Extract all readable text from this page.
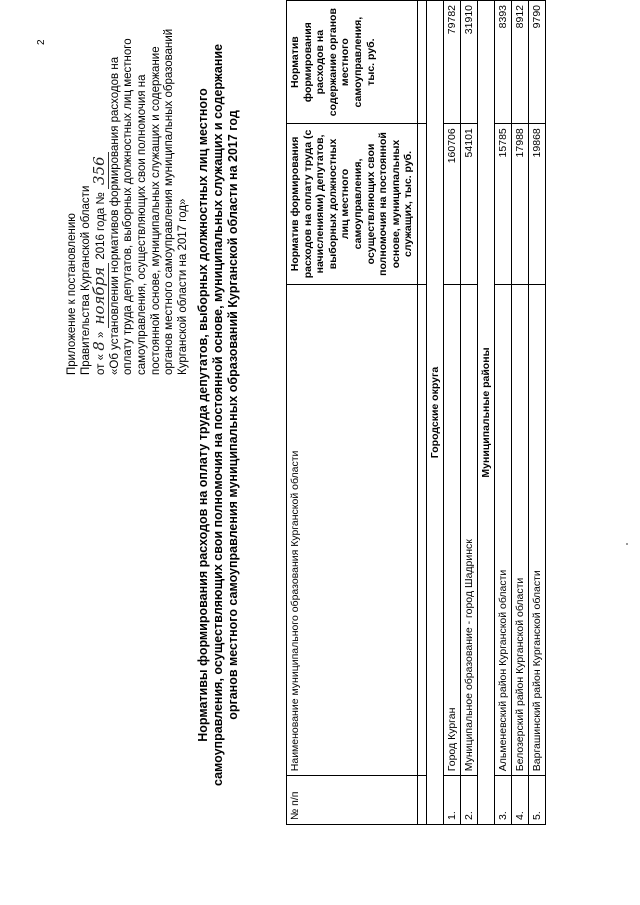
2
Приложение к постановлению Правительства Курганской области от « 8 » ноября 2016 года № 356 «Об установлении нормативов формирования расходов на оплату труда депутатов, выборных должностных лиц местного самоуправления, осуществляющих свои полномочия на постоянной основе, муниципальных служащих и содержание органов местного самоуправления муниципальных образований Курганской области на 2017 год» Нормативы формирования расходов на оплату труда депутатов, выборных должностных лиц местного самоуправления, осуществляющих свои полномочия на постоянной основе, муниципальных служащих и содержание органов местного самоуправления муниципальных образований Курганской области на 2017 год
№ п/п	Наименование муниципального образования Курганской области	Норматив формирования расходов на оплату труда (с начислениями) депутатов, выборных должностных лиц местного самоуправления, осуществляющих свои полномочия на постоянной основе, муниципальных служащих, тыс. руб.	Норматив формирования расходов на содержание органов местного самоуправления, тыс. руб.

Городские округа			
1.	Город Курган	160706	79782
2.	Муниципальное образование - город Шадринск	54101	31910
Муниципальные районы			
3.	Альменевский район Курганской области	15785	8393
4.	Белозерский район Курганской области	17988	8912
5.	Варгашинский район Курганской области	19868	9790
